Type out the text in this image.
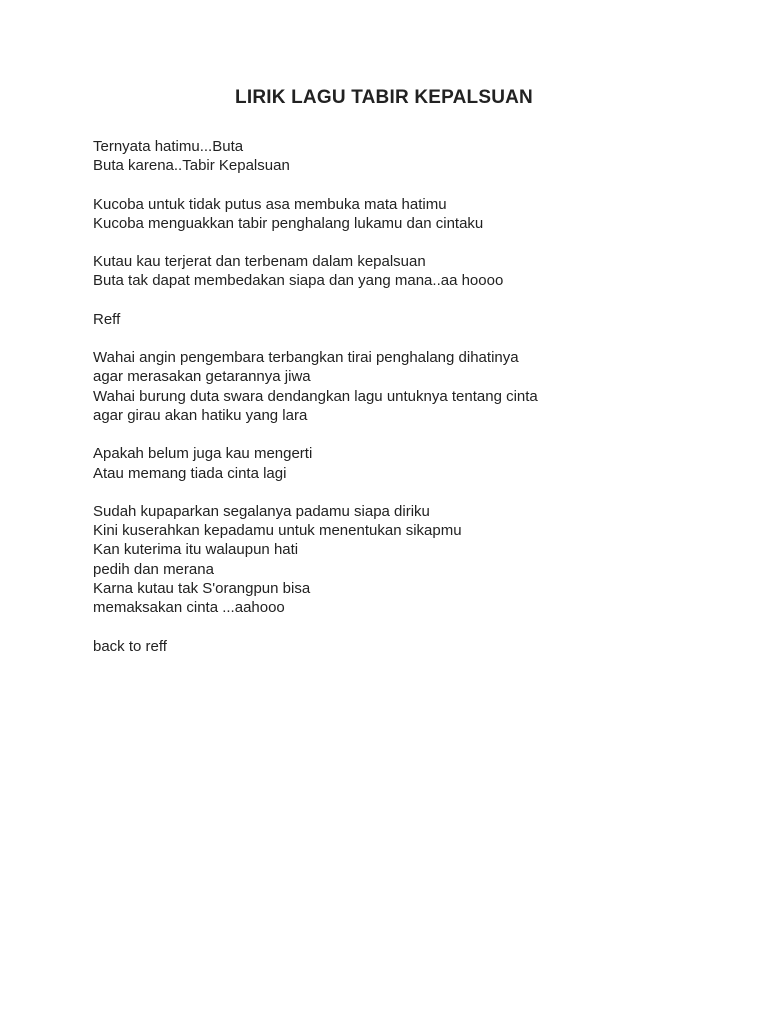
LIRIK LAGU TABIR KEPALSUAN
Ternyata hatimu...Buta
Buta karena..Tabir Kepalsuan
Kucoba untuk tidak putus asa membuka mata hatimu
Kucoba menguakkan tabir penghalang lukamu dan cintaku
Kutau kau terjerat dan terbenam dalam kepalsuan
Buta tak dapat membedakan siapa dan yang mana..aa hoooo
Reff
Wahai angin pengembara terbangkan tirai penghalang dihatinya
agar merasakan getarannya jiwa
Wahai burung duta swara dendangkan lagu untuknya tentang cinta
agar girau akan hatiku yang lara
Apakah belum juga kau mengerti
Atau memang tiada cinta lagi
Sudah kupaparkan segalanya padamu siapa diriku
Kini kuserahkan kepadamu untuk menentukan sikapmu
Kan kuterima itu walaupun hati
pedih dan merana
Karna kutau tak S'orangpun bisa
memaksakan cinta ...aahooo
back to reff
